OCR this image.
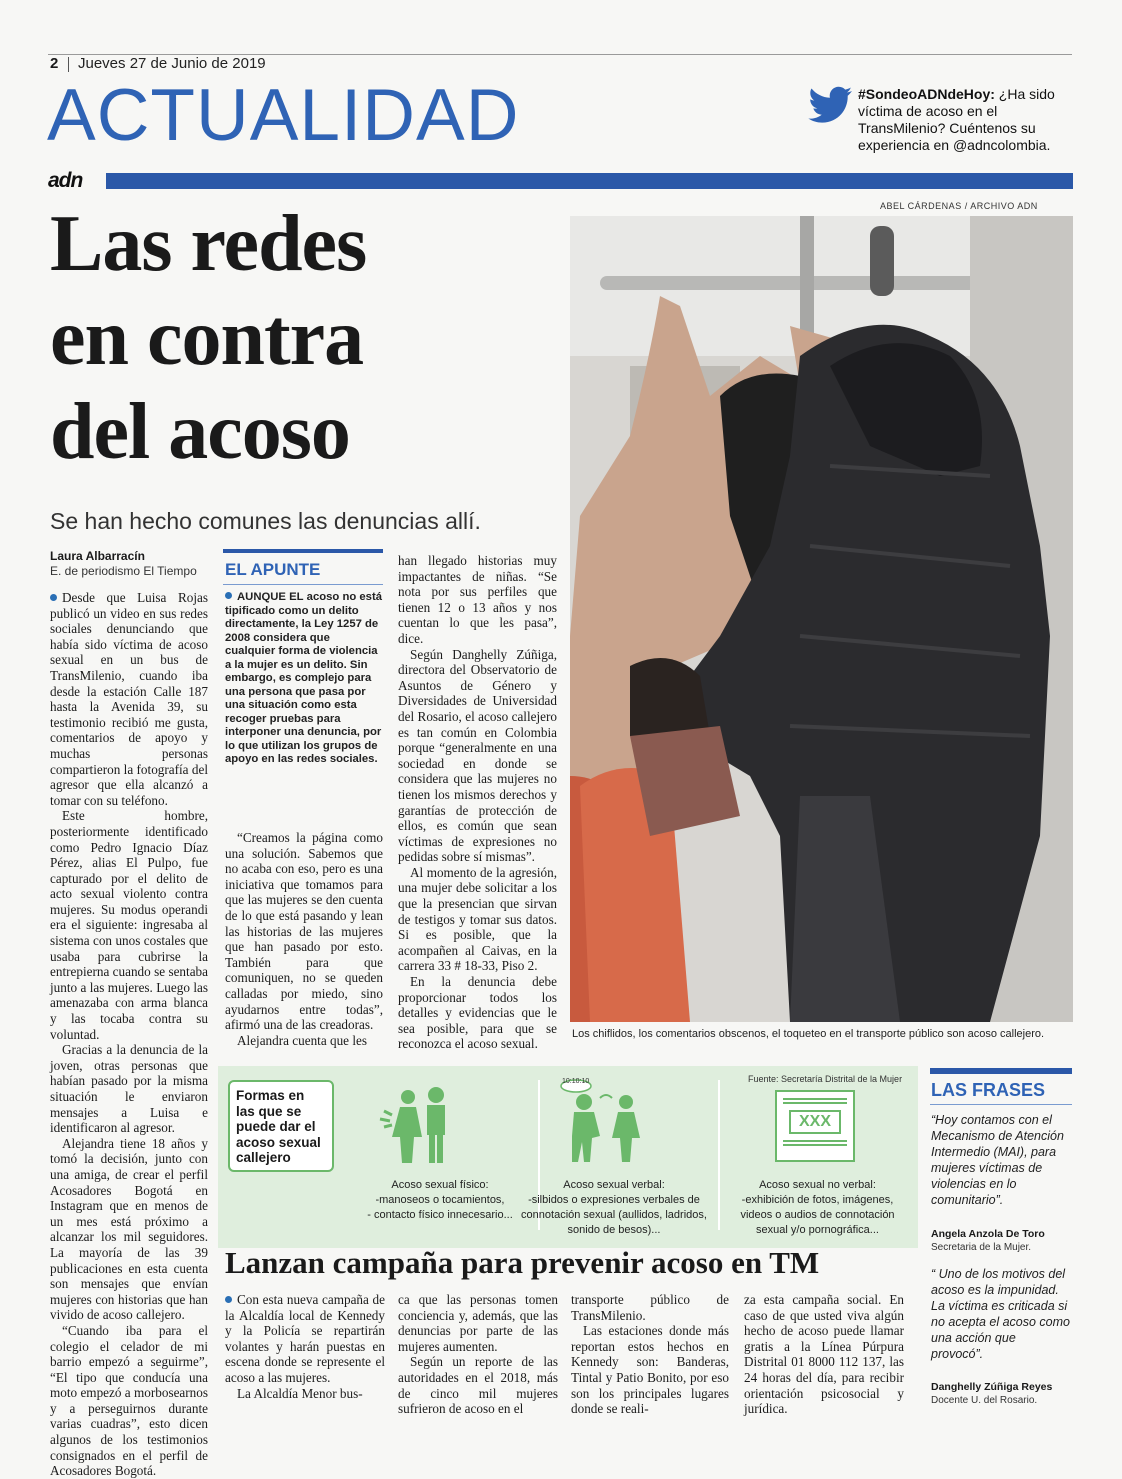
2 Jueves 27 de Junio de 2019
ACTUALIDAD	#SondeoADNdeHoy: ¿Ha sido víctima de acoso en el TransMilenio? Cuéntenos su experiencia en @adncolombia.
adn
Las redes
en contra
del acoso
Se han hecho comunes las denuncias allí.
ABEL CÁRDENAS / ARCHIVO ADN
Los chiflidos, los comentarios obscenos, el toqueteo en el transporte público son acoso callejero.
Laura Albarracín
E. de periodismo El Tiempo

Desde que Luisa Rojas publicó un video en sus redes sociales denunciando que había sido víctima de acoso sexual en un bus de TransMilenio, cuando iba desde la estación Calle 187 hasta la Avenida 39, su testimonio recibió me gusta, comentarios de apoyo y muchas personas compartieron la fotografía del agresor que ella alcanzó a tomar con su teléfono.

Este hombre, posteriormente identificado como Pedro Ignacio Díaz Pérez, alias El Pulpo, fue capturado por el delito de acto sexual violento contra mujeres. Su modus operandi era el siguiente: ingresaba al sistema con unos costales que usaba para cubrirse la entrepierna cuando se sentaba junto a las mujeres. Luego las amenazaba con arma blanca y las tocaba contra su voluntad.

Gracias a la denuncia de la joven, otras personas que habían pasado por la misma situación le enviaron mensajes a Luisa e identificaron al agresor.

Alejandra tiene 18 años y tomó la decisión, junto con una amiga, de crear el perfil Acosadores Bogotá en Instagram que en menos de un mes está próximo a alcanzar los mil seguidores. La mayoría de las 39 publicaciones en esta cuenta son mensajes que envían mujeres con historias que han vivido de acoso callejero.

“Cuando iba para el colegio el celador de mi barrio empezó a seguirme”, “El tipo que conducía una moto empezó a morbosearnos y a perseguirnos durante varias cuadras”, esto dicen algunos de los testimonios consignados en el perfil de Acosadores Bogotá.

EL APUNTE
AUNQUE EL acoso no está tipificado como un delito directamente, la Ley 1257 de 2008 considera que cualquier forma de violencia a la mujer es un delito. Sin embargo, es complejo para una persona que pasa por una situación como esta recoger pruebas para interponer una denuncia, por lo que utilizan los grupos de apoyo en las redes sociales.

“Creamos la página como una solución. Sabemos que no acaba con eso, pero es una iniciativa que tomamos para que las mujeres se den cuenta de lo que está pasando y lean las historias de las mujeres que han pasado por esto. También para que comuniquen, no se queden calladas por miedo, sino ayudarnos entre todas”, afirmó una de las creadoras.

Alejandra cuenta que les

han llegado historias muy impactantes de niñas. “Se nota por sus perfiles que tienen 12 o 13 años y nos cuentan lo que les pasa”, dice.

Según Danghelly Zúñiga, directora del Observatorio de Asuntos de Género y Diversidades de Universidad del Rosario, el acoso callejero es tan común en Colombia porque “generalmente en una sociedad en donde se considera que las mujeres no tienen los mismos derechos y garantías de protección de ellos, es común que sean víctimas de expresiones no pedidas sobre sí mismas”.

Al momento de la agresión, una mujer debe solicitar a los que la presencian que sirvan de testigos y tomar sus datos. Si es posible, que la acompañen al Caivas, en la carrera 33 # 18-33, Piso 2.

En la denuncia debe proporcionar todos los detalles y evidencias que le sea posible, para que se reconozca el acoso sexual.

Fuente: Secretaría Distrital de la Mujer
Formas en las que se puede dar el acoso sexual callejero
10:10:10
XXX
Acoso sexual físico:
-manoseos o tocamientos,
- contacto físico innecesario...
Acoso sexual verbal:
-silbidos o expresiones verbales de connotación sexual (aullidos, ladridos, sonido de besos)...
Acoso sexual no verbal:
-exhibición de fotos, imágenes, videos o audios de connotación sexual y/o pornográfica...
LAS FRASES
“Hoy contamos con el Mecanismo de Atención Intermedio (MAI), para mujeres víctimas de violencias en lo comunitario”.
Angela Anzola De Toro
Secretaria de la Mujer.
“ Uno de los motivos del acoso es la impunidad. La víctima es criticada si no acepta el acoso como una acción que provocó”.
Danghelly Zúñiga Reyes
Docente U. del Rosario.
Lanzan campaña para prevenir acoso en TM

Con esta nueva campaña de la Alcaldía local de Kennedy y la Policía se repartirán volantes y harán puestas en escena donde se represente el acoso a las mujeres.

La Alcaldía Menor bus-

ca que las personas tomen conciencia y, además, que las denuncias por parte de las mujeres aumenten.

Según un reporte de las autoridades en el 2018, más de cinco mil mujeres sufrieron de acoso en el

transporte público de TransMilenio.

Las estaciones donde más reportan estos hechos en Kennedy son: Banderas, Tintal y Patio Bonito, por eso son los principales lugares donde se reali-

za esta campaña social. En caso de que usted viva algún hecho de acoso puede llamar gratis a la Línea Púrpura Distrital 01 8000 112 137, las 24 horas del día, para recibir orientación psicosocial y jurídica.
